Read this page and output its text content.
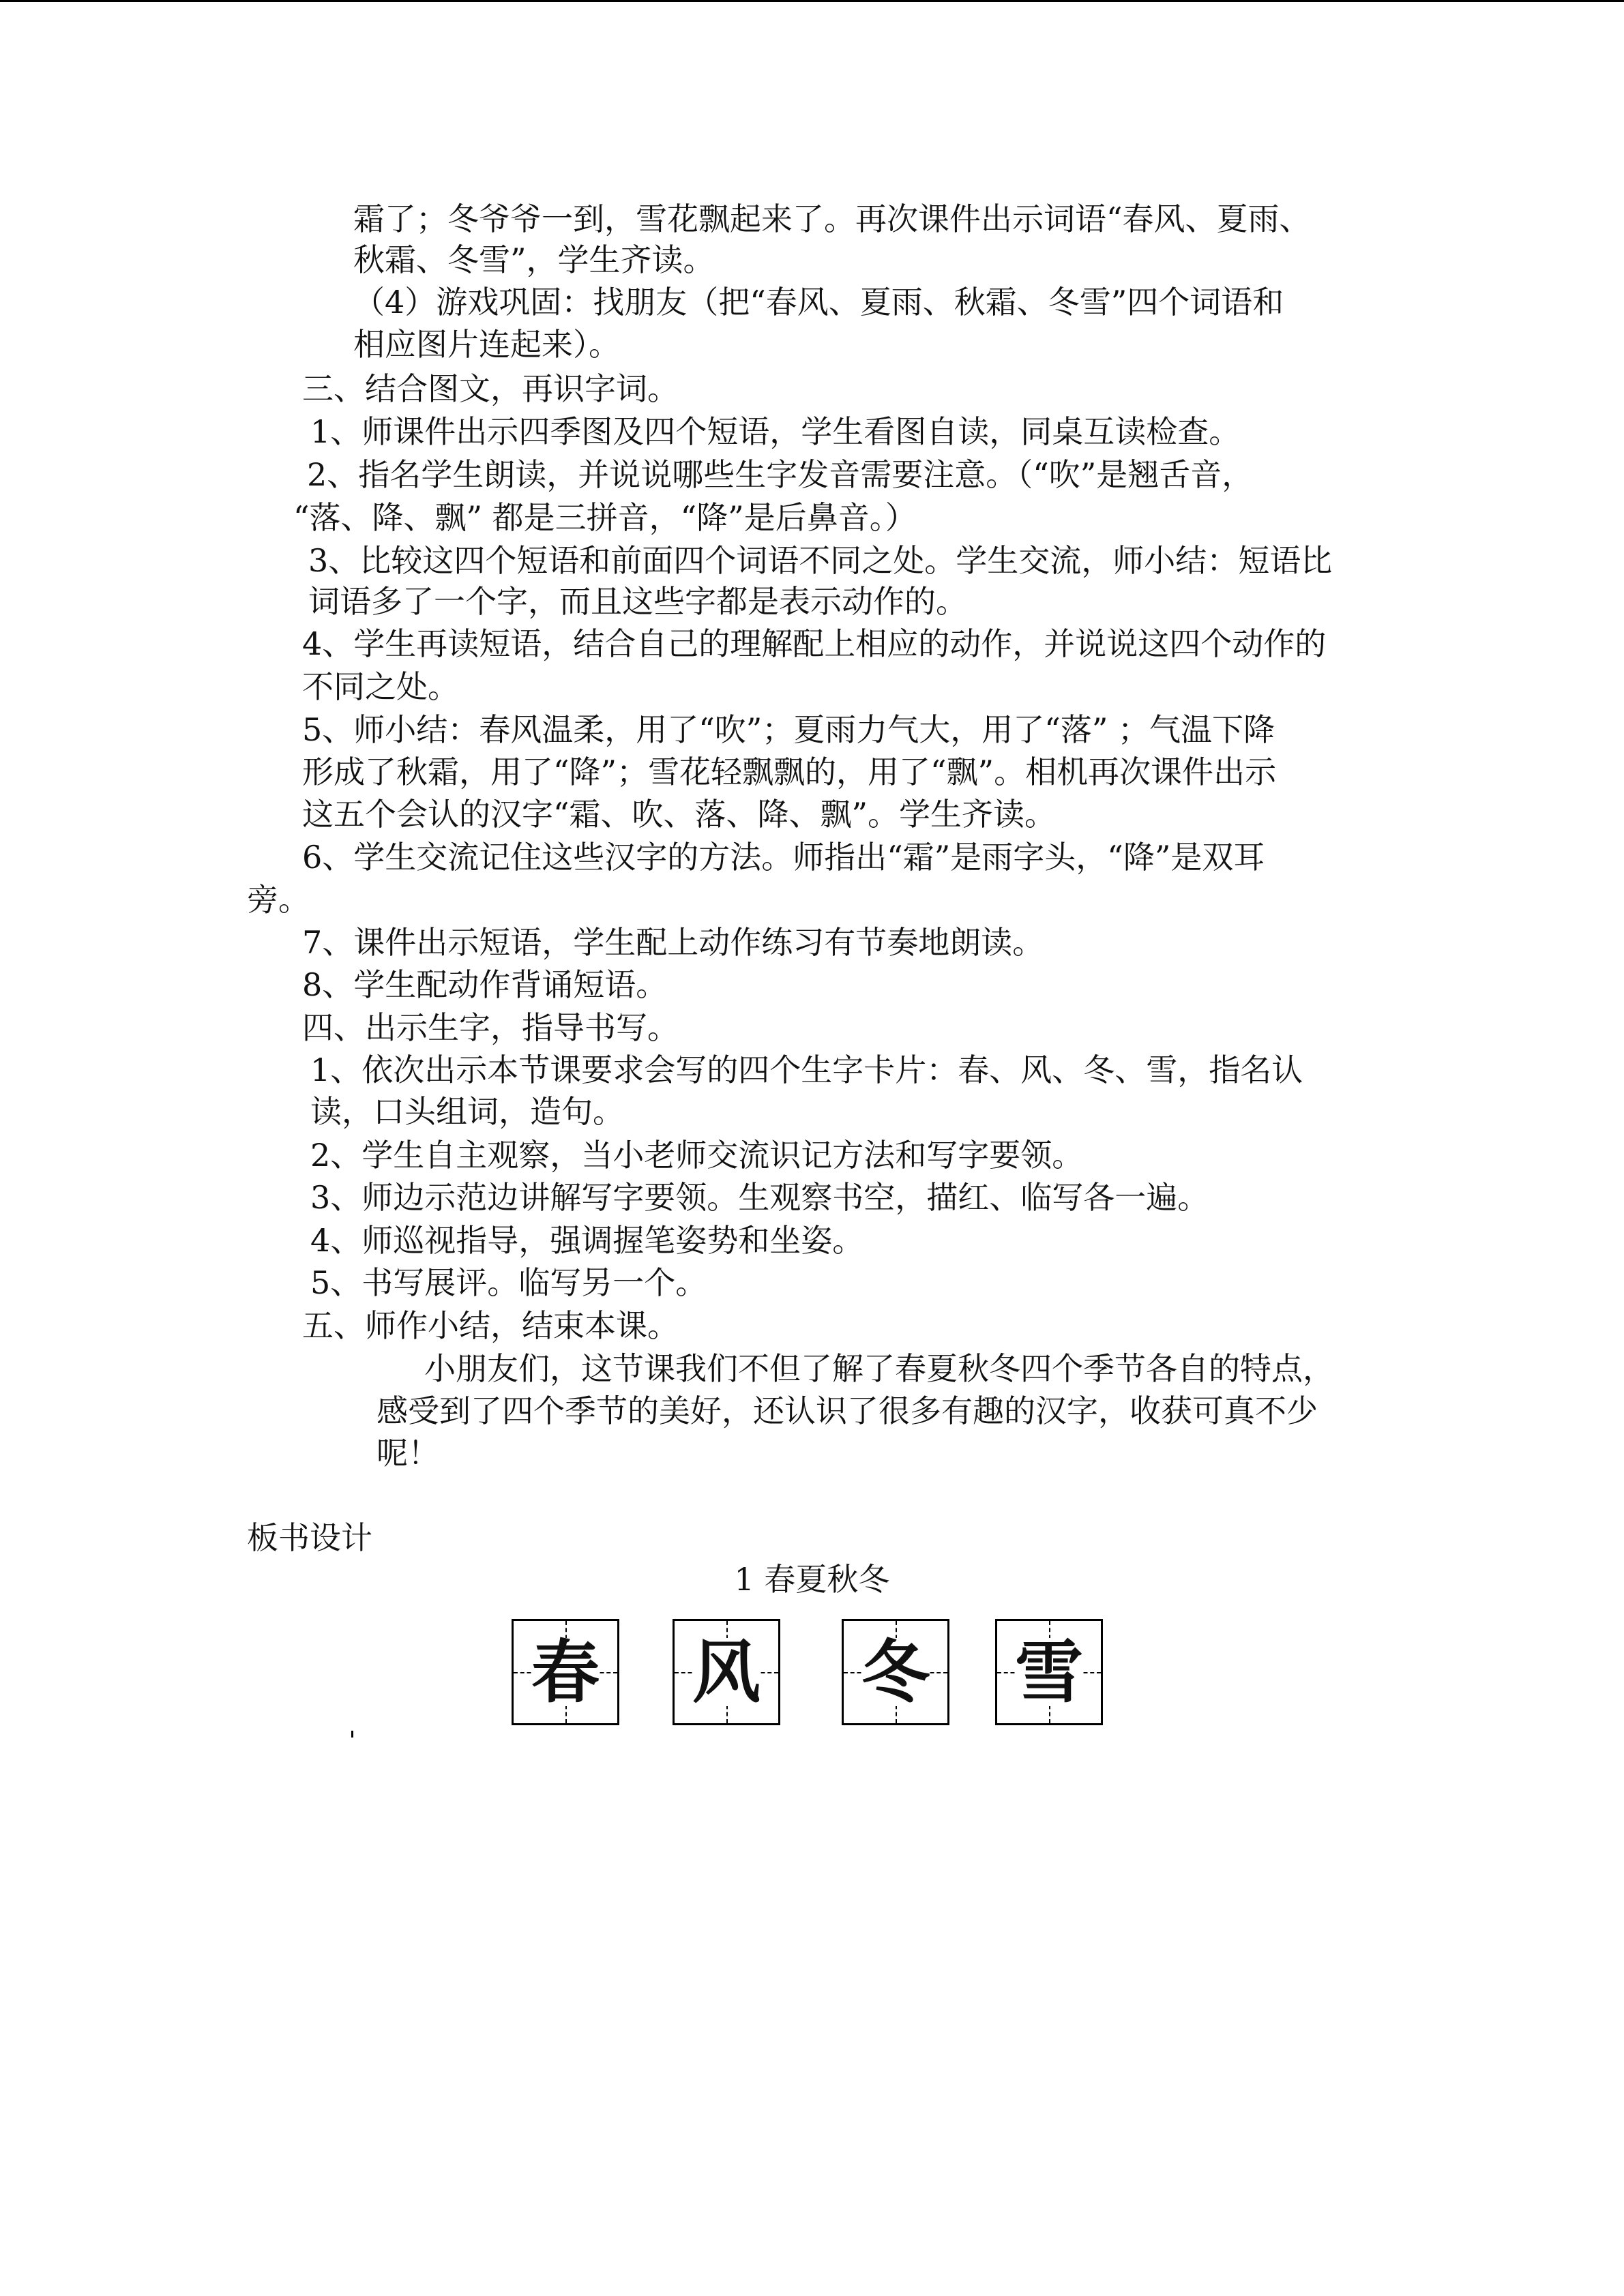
霜了；冬爷爷一到，雪花飘起来了。再次课件出示词语“春风、夏雨、
秋霜、冬雪”，学生齐读。
（4）游戏巩固：找朋友（把“春风、夏雨、秋霜、冬雪”四个词语和
相应图片连起来）。
三、结合图文，再识字词。
1、师课件出示四季图及四个短语，学生看图自读，同桌互读检查。
2、指名学生朗读，并说说哪些生字发音需要注意。（“吹”是翘舌音，
“落、降、飘” 都是三拼音，“降”是后鼻音。）
3、比较这四个短语和前面四个词语不同之处。学生交流，师小结：短语比
词语多了一个字，而且这些字都是表示动作的。
4、学生再读短语，结合自己的理解配上相应的动作，并说说这四个动作的
不同之处。
5、师小结：春风温柔，用了“吹”；夏雨力气大，用了“落” ；气温下降
形成了秋霜，用了“降”；雪花轻飘飘的，用了“飘”。相机再次课件出示
这五个会认的汉字“霜、吹、落、降、飘”。学生齐读。
6、学生交流记住这些汉字的方法。师指出“霜”是雨字头，“降”是双耳
旁。
7、课件出示短语，学生配上动作练习有节奏地朗读。
8、学生配动作背诵短语。
四、出示生字，指导书写。
1、依次出示本节课要求会写的四个生字卡片：春、风、冬、雪，指名认
读，口头组词，造句。
2、学生自主观察，当小老师交流识记方法和写字要领。
3、师边示范边讲解写字要领。生观察书空，描红、临写各一遍。
4、师巡视指导，强调握笔姿势和坐姿。
5、书写展评。临写另一个。
五、师作小结，结束本课。
小朋友们，这节课我们不但了解了春夏秋冬四个季节各自的特点，
感受到了四个季节的美好，还认识了很多有趣的汉字，收获可真不少
呢！
板书设计
1 春夏秋冬
春 风 冬 雪
